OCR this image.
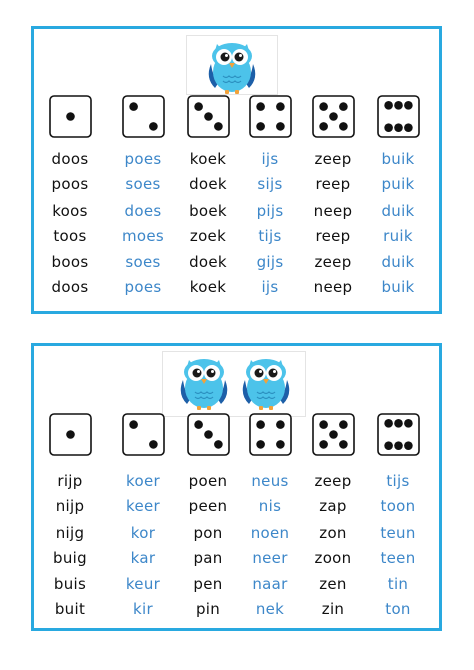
doos	poes	koek	ijs	zeep	buik
poos	soes	doek	sijs	reep	puik
koos	does	boek	pijs	neep	duik
toos	moes	zoek	tijs	reep	ruik
boos	soes	doek	gijs	zeep	duik
doos	poes	koek	ijs	neep	buik
rijp	koer	poen	neus	zeep	tijs
nijp	keer	peen	nis	zap	toon
nijg	kor	pon	noen	zon	teun
buig	kar	pan	neer	zoon	teen
buis	keur	pen	naar	zen	tin
buit	kir	pin	nek	zin	ton
